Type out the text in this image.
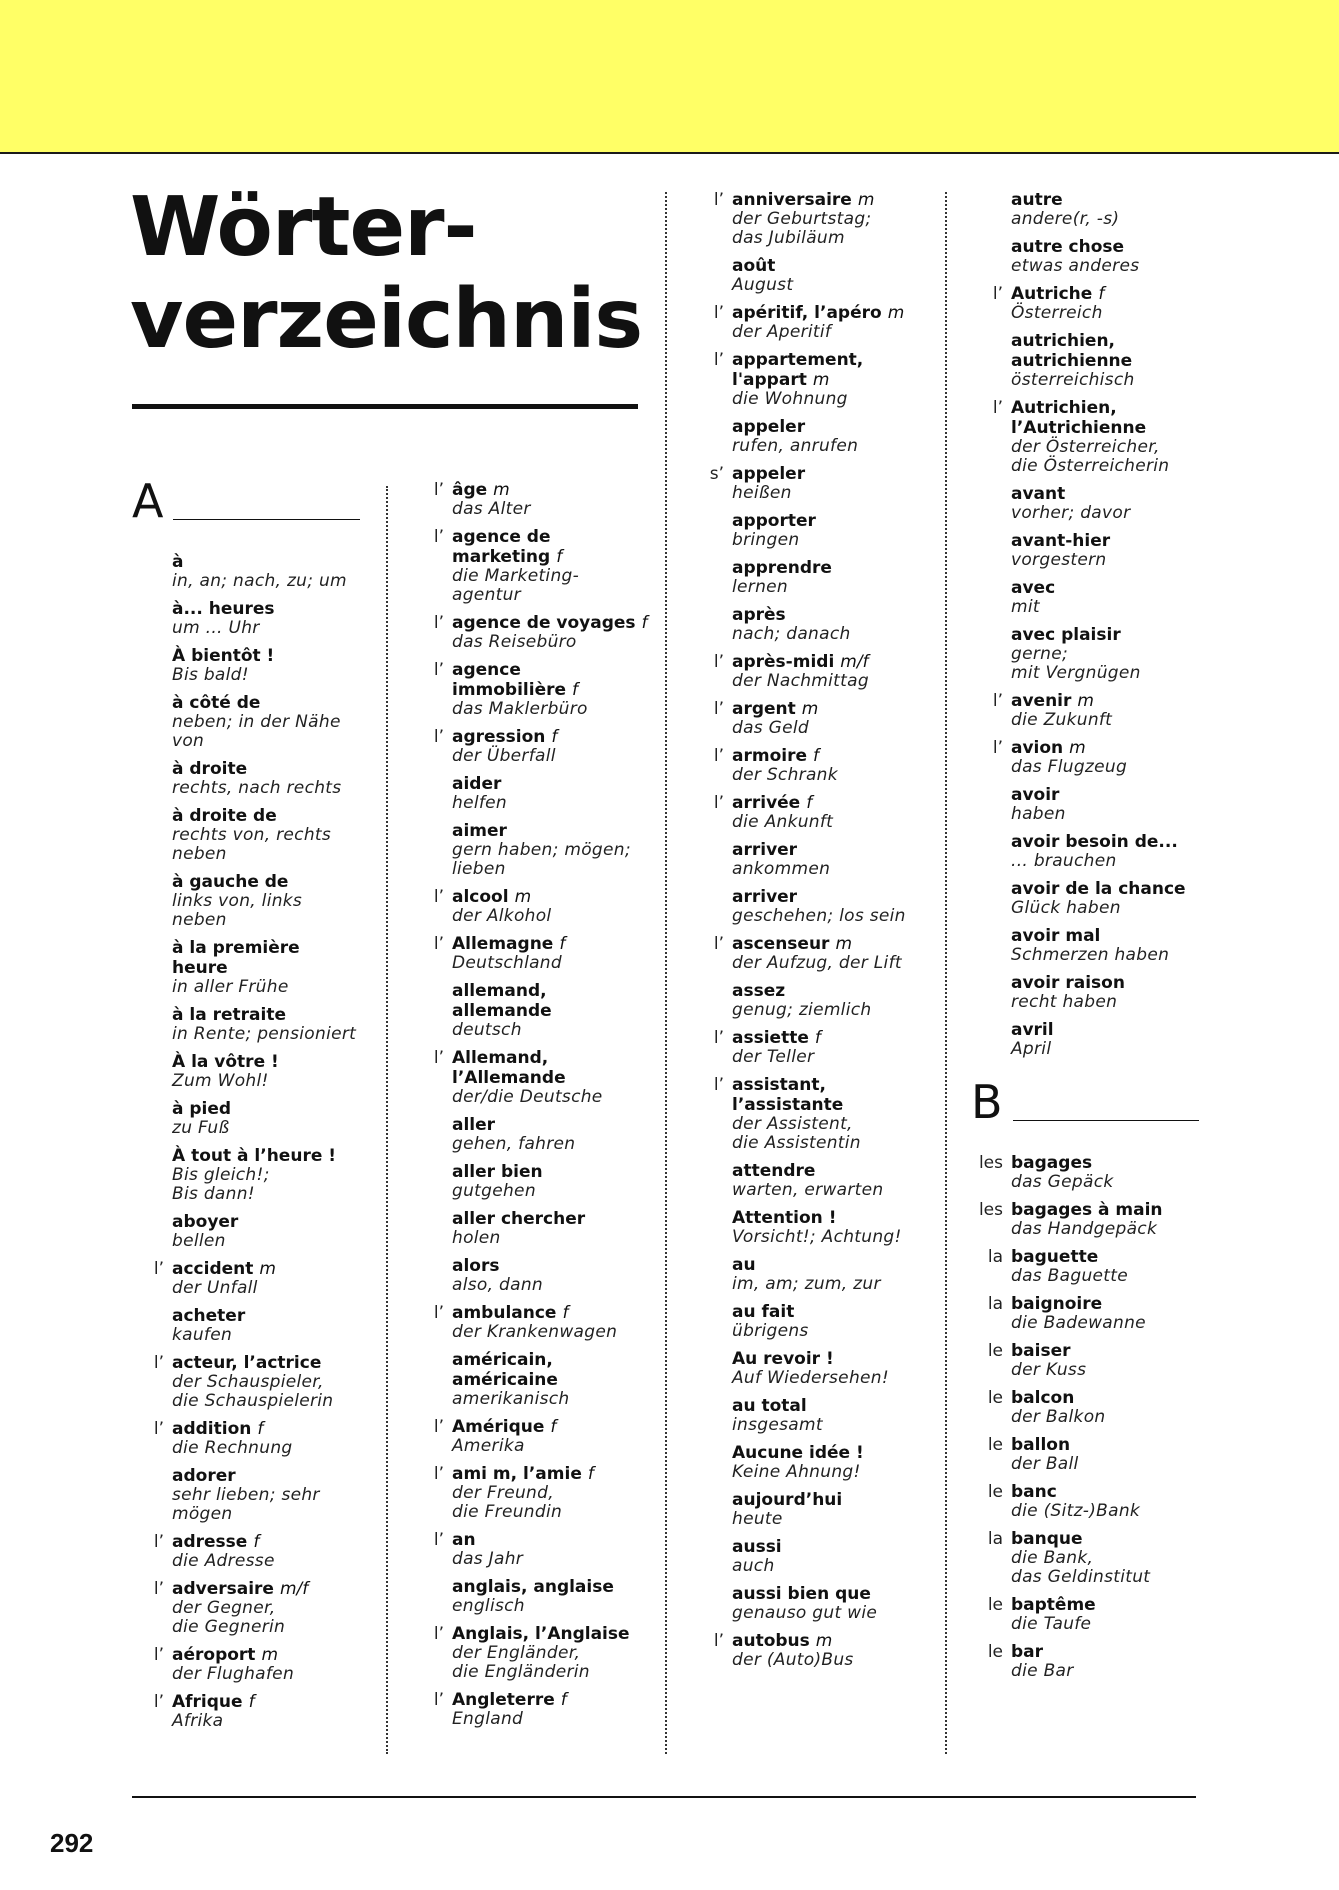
Wörter-
verzeichnis
A
à
in, an; nach, zu; um
à... heures
um ... Uhr
À bientôt !
Bis bald!
à côté de
neben; in der Nähe
von
à droite
rechts, nach rechts
à droite de
rechts von, rechts
neben
à gauche de
links von, links
neben
à la première heure
in aller Frühe
à la retraite
in Rente; pensioniert
À la vôtre !
Zum Wohl!
à pied
zu Fuß
À tout à l’heure !
Bis gleich!;
Bis dann!
aboyer
bellen
l’ accident m
der Unfall
acheter
kaufen
l’ acteur, l’actrice
der Schauspieler,
die Schauspielerin
l’ addition f
die Rechnung
adorer
sehr lieben; sehr
mögen
l’ adresse f
die Adresse
l’ adversaire m/f
der Gegner,
die Gegnerin
l’ aéroport m
der Flughafen
l’ Afrique f
Afrika
l’ âge m
das Alter
l’ agence de marketing f
die Marketing-
agentur
l’ agence de voyages f
das Reisebüro
l’ agence immobilière f
das Maklerbüro
l’ agression f
der Überfall
aider
helfen
aimer
gern haben; mögen;
lieben
l’ alcool m
der Alkohol
l’ Allemagne f
Deutschland
allemand, allemande
deutsch
l’ Allemand, l’Allemande
der/die Deutsche
aller
gehen, fahren
aller bien
gutgehen
aller chercher
holen
alors
also, dann
l’ ambulance f
der Krankenwagen
américain, américaine
amerikanisch
l’ Amérique f
Amerika
l’ ami m, l’amie f
der Freund,
die Freundin
l’ an
das Jahr
anglais, anglaise
englisch
l’ Anglais, l’Anglaise
der Engländer,
die Engländerin
l’ Angleterre f
England
l’ anniversaire m
der Geburtstag;
das Jubiläum
août
August
l’ apéritif, l’apéro m
der Aperitif
l’ appartement, l'appart m
die Wohnung
appeler
rufen, anrufen
s’ appeler
heißen
apporter
bringen
apprendre
lernen
après
nach; danach
l’ après-midi m/f
der Nachmittag
l’ argent m
das Geld
l’ armoire f
der Schrank
l’ arrivée f
die Ankunft
arriver
ankommen
arriver
geschehen; los sein
l’ ascenseur m
der Aufzug, der Lift
assez
genug; ziemlich
l’ assiette f
der Teller
l’ assistant, l’assistante
der Assistent,
die Assistentin
attendre
warten, erwarten
Attention !
Vorsicht!; Achtung!
au
im, am; zum, zur
au fait
übrigens
Au revoir !
Auf Wiedersehen!
au total
insgesamt
Aucune idée !
Keine Ahnung!
aujourd’hui
heute
aussi
auch
aussi bien que
genauso gut wie
l’ autobus m
der (Auto)Bus
autre
andere(r, -s)
autre chose
etwas anderes
l’ Autriche f
Österreich
autrichien, autrichienne
österreichisch
l’ Autrichien, l’Autrichienne
der Österreicher,
die Österreicherin
avant
vorher; davor
avant-hier
vorgestern
avec
mit
avec plaisir
gerne;
mit Vergnügen
l’ avenir m
die Zukunft
l’ avion m
das Flugzeug
avoir
haben
avoir besoin de...
... brauchen
avoir de la chance
Glück haben
avoir mal
Schmerzen haben
avoir raison
recht haben
avril
April
B
les bagages
das Gepäck
les bagages à main
das Handgepäck
la baguette
das Baguette
la baignoire
die Badewanne
le baiser
der Kuss
le balcon
der Balkon
le ballon
der Ball
le banc
die (Sitz-)Bank
la banque
die Bank,
das Geldinstitut
le baptême
die Taufe
le bar
die Bar
292
